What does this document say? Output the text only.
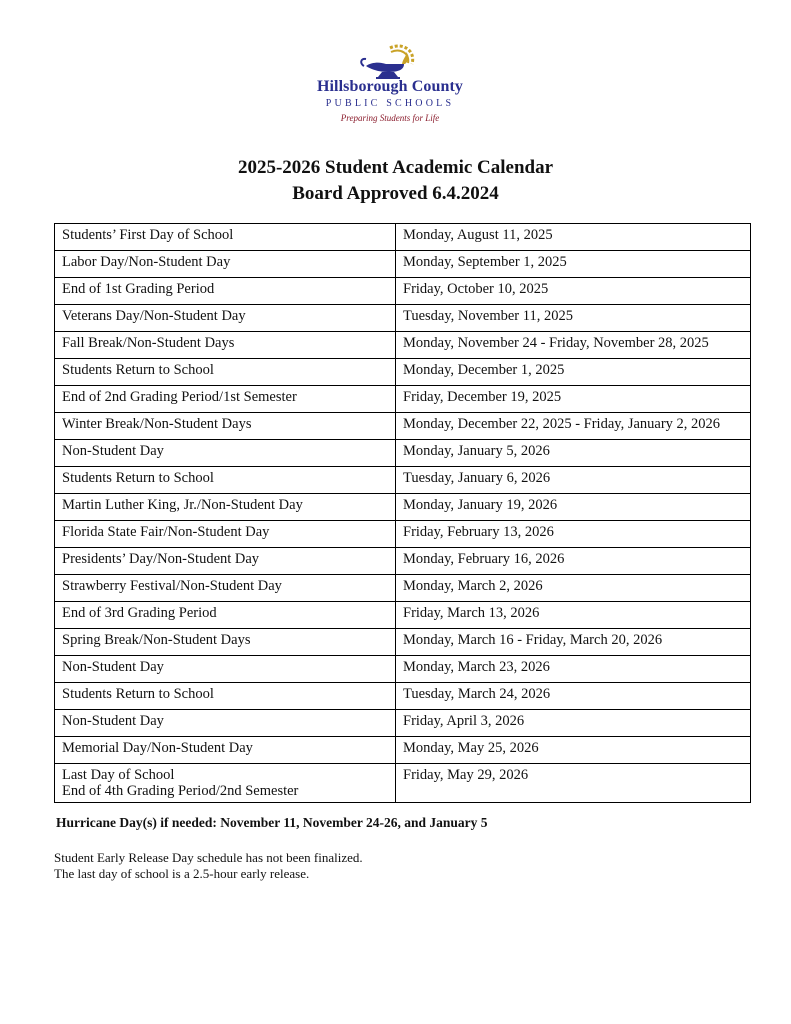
Hillsborough County
PUBLIC SCHOOLS
Preparing Students for Life
2025-2026 Student Academic Calendar
Board Approved 6.4.2024
Students’ First Day of School	Monday, August 11, 2025
Labor Day/Non-Student Day	Monday, September 1, 2025
End of 1st Grading Period	Friday, October 10, 2025
Veterans Day/Non-Student Day	Tuesday, November 11, 2025
Fall Break/Non-Student Days	Monday, November 24 - Friday, November 28, 2025
Students Return to School	Monday, December 1, 2025
End of 2nd Grading Period/1st Semester	Friday, December 19, 2025
Winter Break/Non-Student Days	Monday, December 22, 2025 - Friday, January 2, 2026
Non-Student Day	Monday, January 5, 2026
Students Return to School	Tuesday, January 6, 2026
Martin Luther King, Jr./Non-Student Day	Monday, January 19, 2026
Florida State Fair/Non-Student Day	Friday, February 13, 2026
Presidents’ Day/Non-Student Day	Monday, February 16, 2026
Strawberry Festival/Non-Student Day	Monday, March 2, 2026
End of 3rd Grading Period	Friday, March 13, 2026
Spring Break/Non-Student Days	Monday, March 16 - Friday, March 20, 2026
Non-Student Day	Monday, March 23, 2026
Students Return to School	Tuesday, March 24, 2026
Non-Student Day	Friday, April 3, 2026
Memorial Day/Non-Student Day	Monday, May 25, 2026

Last Day of School
End of 4th Grading Period/2nd Semester	Friday, May 29, 2026
Hurricane Day(s) if needed: November 11, November 24-26, and January 5
Student Early Release Day schedule has not been finalized.
The last day of school is a 2.5-hour early release.
